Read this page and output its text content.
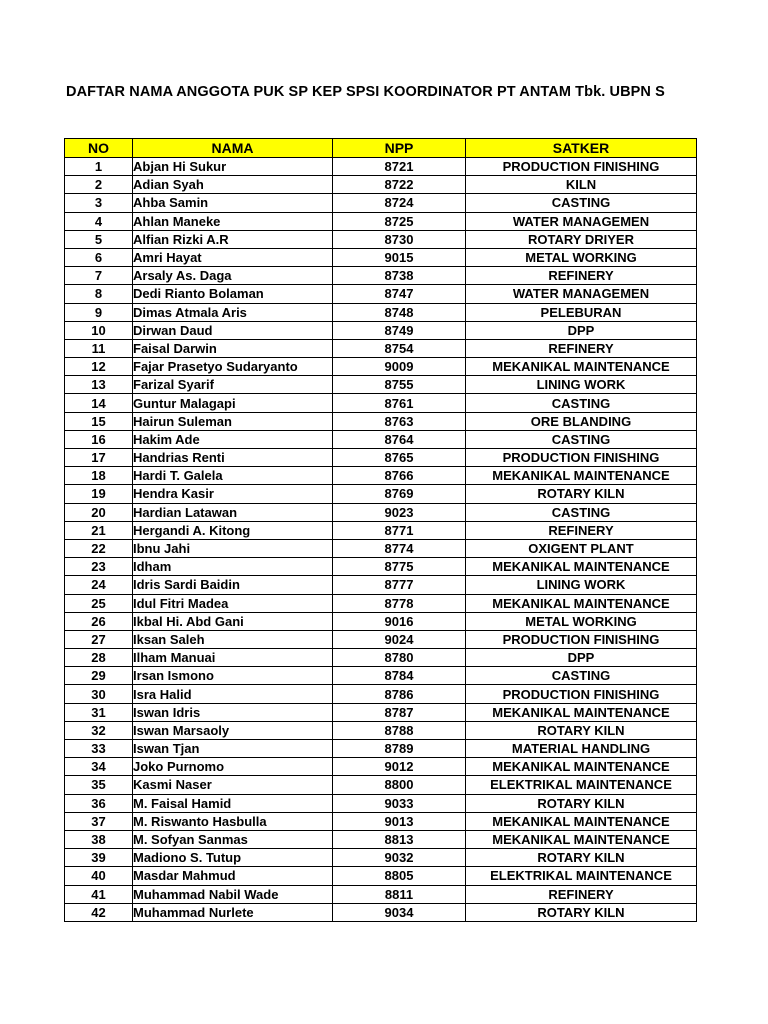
DAFTAR NAMA ANGGOTA PUK SP KEP SPSI KOORDINATOR PT ANTAM Tbk. UBPN S
NO	NAMA	NPP	SATKER
1	Abjan Hi Sukur	8721	PRODUCTION FINISHING
2	Adian Syah	8722	KILN
3	Ahba Samin	8724	CASTING
4	Ahlan Maneke	8725	WATER MANAGEMEN
5	Alfian Rizki A.R	8730	ROTARY DRIYER
6	Amri Hayat	9015	METAL WORKING
7	Arsaly As. Daga	8738	REFINERY
8	Dedi Rianto Bolaman	8747	WATER MANAGEMEN
9	Dimas Atmala Aris	8748	PELEBURAN
10	Dirwan Daud	8749	DPP
11	Faisal Darwin	8754	REFINERY
12	Fajar Prasetyo Sudaryanto	9009	MEKANIKAL MAINTENANCE
13	Farizal Syarif	8755	LINING WORK
14	Guntur Malagapi	8761	CASTING
15	Hairun Suleman	8763	ORE BLANDING
16	Hakim Ade	8764	CASTING
17	Handrias Renti	8765	PRODUCTION FINISHING
18	Hardi T. Galela	8766	MEKANIKAL MAINTENANCE
19	Hendra Kasir	8769	ROTARY KILN
20	Hardian Latawan	9023	CASTING
21	Hergandi A. Kitong	8771	REFINERY
22	Ibnu Jahi	8774	OXIGENT PLANT
23	Idham	8775	MEKANIKAL MAINTENANCE
24	Idris Sardi Baidin	8777	LINING WORK
25	Idul Fitri Madea	8778	MEKANIKAL MAINTENANCE
26	Ikbal Hi. Abd Gani	9016	METAL WORKING
27	Iksan Saleh	9024	PRODUCTION FINISHING
28	Ilham Manuai	8780	DPP
29	Irsan Ismono	8784	CASTING
30	Isra Halid	8786	PRODUCTION FINISHING
31	Iswan Idris	8787	MEKANIKAL MAINTENANCE
32	Iswan Marsaoly	8788	ROTARY KILN
33	Iswan Tjan	8789	MATERIAL HANDLING
34	Joko Purnomo	9012	MEKANIKAL MAINTENANCE
35	Kasmi Naser	8800	ELEKTRIKAL MAINTENANCE
36	M. Faisal Hamid	9033	ROTARY KILN
37	M. Riswanto Hasbulla	9013	MEKANIKAL MAINTENANCE
38	M. Sofyan Sanmas	8813	MEKANIKAL MAINTENANCE
39	Madiono S. Tutup	9032	ROTARY KILN
40	Masdar Mahmud	8805	ELEKTRIKAL MAINTENANCE
41	Muhammad Nabil Wade	8811	REFINERY
42	Muhammad Nurlete	9034	ROTARY KILN
